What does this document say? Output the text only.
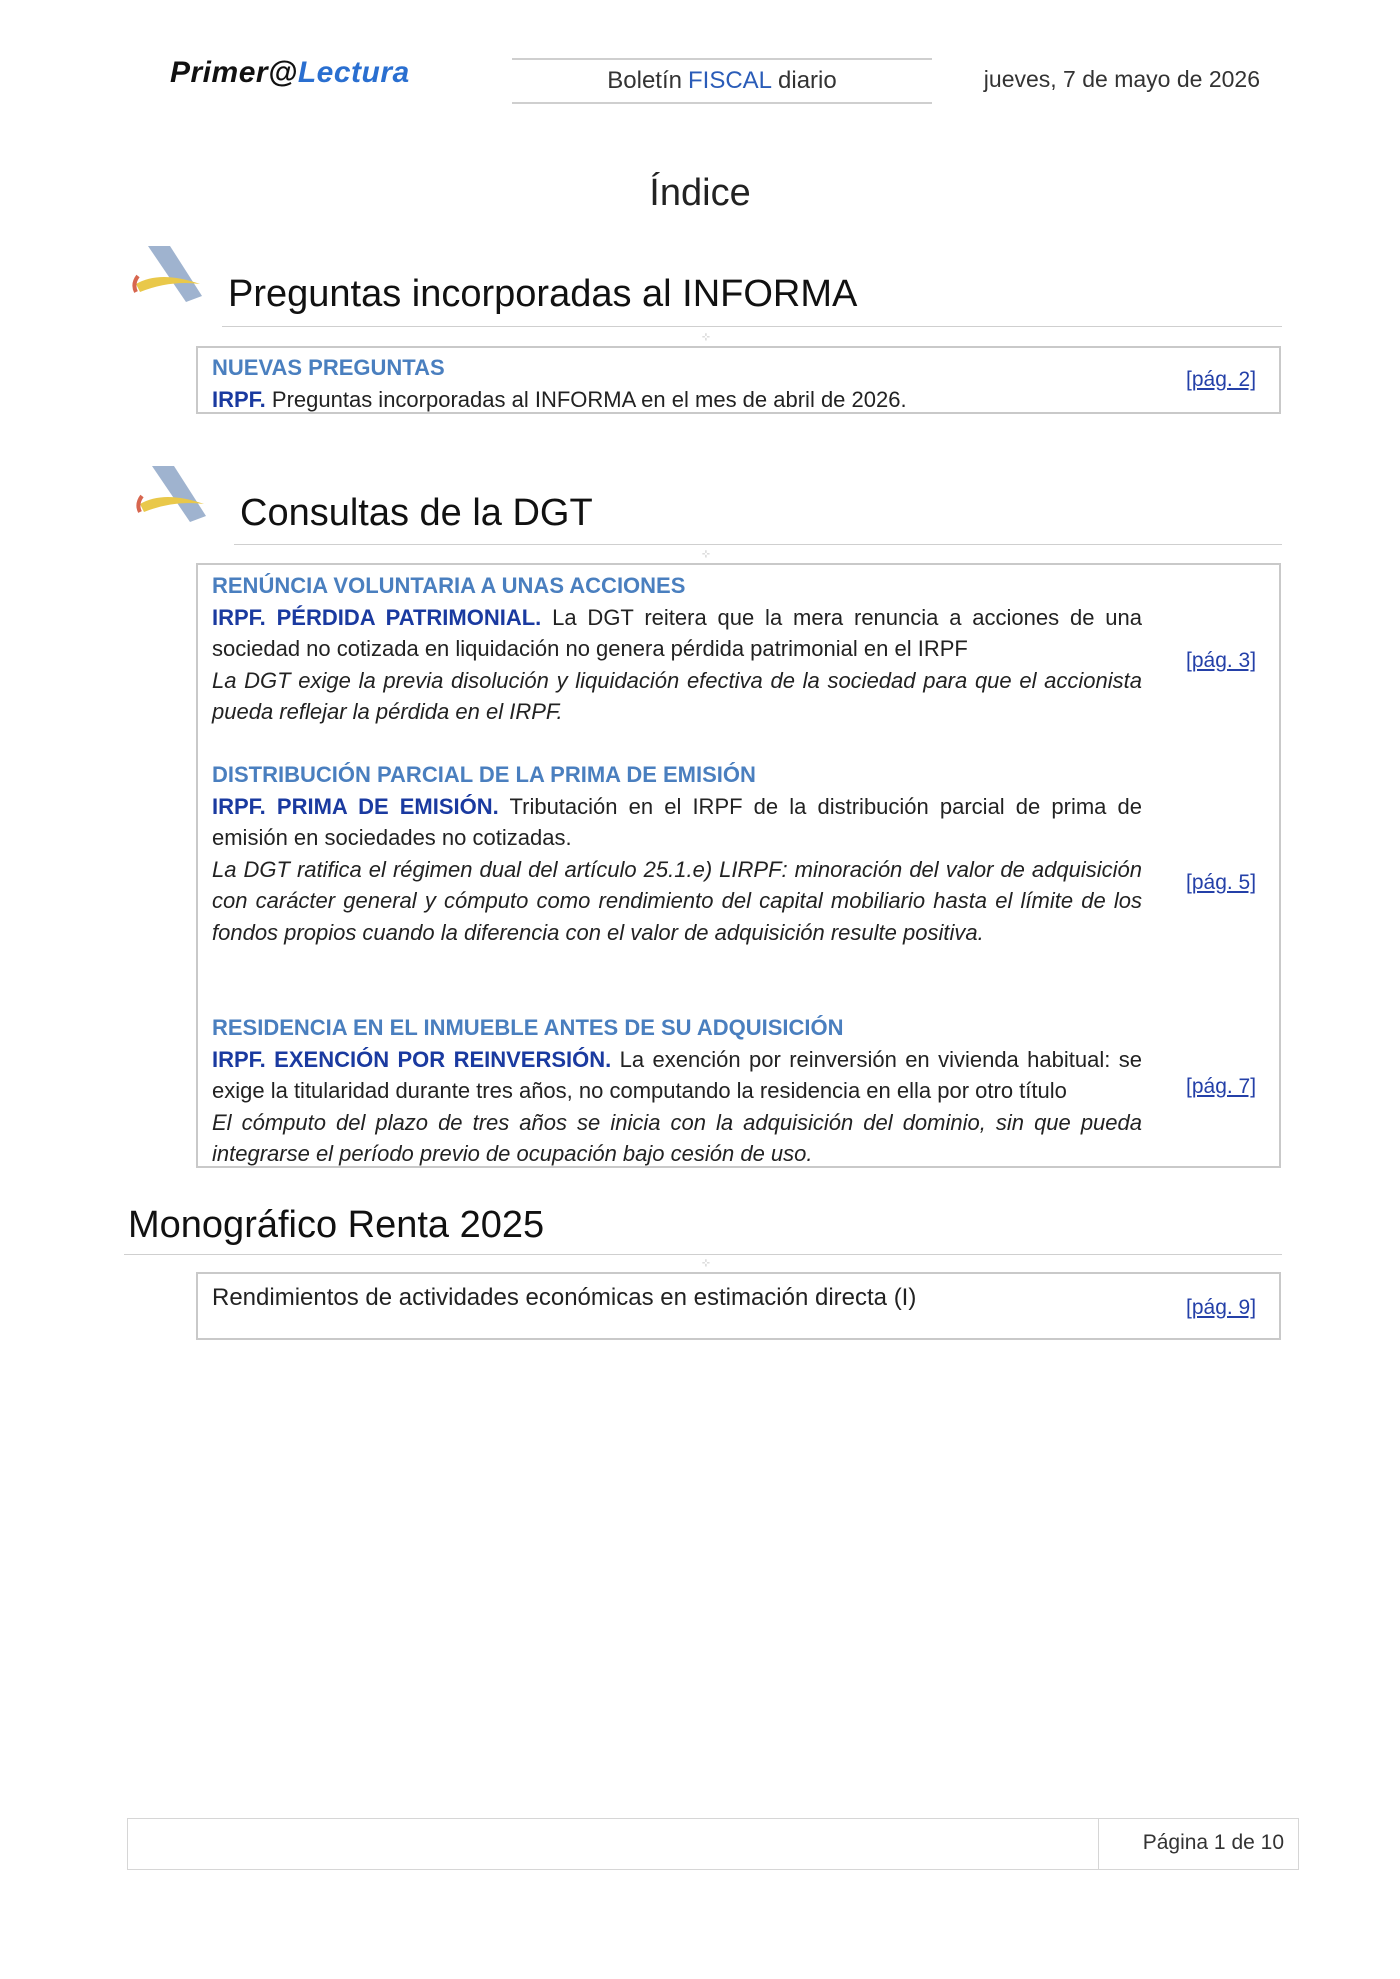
Primer@Lectura	Boletín FISCAL diario	jueves, 7 de mayo de 2026
Índice
Preguntas incorporadas al INFORMA
⊹
NUEVAS PREGUNTAS
IRPF. Preguntas incorporadas al INFORMA en el mes de abril de 2026.
[pág. 2]
Consultas de la DGT
⊹
RENÚNCIA VOLUNTARIA A UNAS ACCIONES
IRPF. PÉRDIDA PATRIMONIAL. La DGT reitera que la mera renuncia a acciones de una sociedad no cotizada en liquidación no genera pérdida patrimonial en el IRPF
La DGT exige la previa disolución y liquidación efectiva de la sociedad para que el accionista pueda reflejar la pérdida en el IRPF.
[pág. 3]
DISTRIBUCIÓN PARCIAL DE LA PRIMA DE EMISIÓN
IRPF. PRIMA DE EMISIÓN. Tributación en el IRPF de la distribución parcial de prima de emisión en sociedades no cotizadas.
La DGT ratifica el régimen dual del artículo 25.1.e) LIRPF: minoración del valor de adquisición con carácter general y cómputo como rendimiento del capital mobiliario hasta el límite de los fondos propios cuando la diferencia con el valor de adquisición resulte positiva.
[pág. 5]
RESIDENCIA EN EL INMUEBLE ANTES DE SU ADQUISICIÓN
IRPF. EXENCIÓN POR REINVERSIÓN. La exención por reinversión en vivienda habitual: se exige la titularidad durante tres años, no computando la residencia en ella por otro título
El cómputo del plazo de tres años se inicia con la adquisición del dominio, sin que pueda integrarse el período previo de ocupación bajo cesión de uso.
[pág. 7]
Monográfico Renta 2025
⊹
Rendimientos de actividades económicas en estimación directa (I)	[pág. 9]
Página 1 de 10
